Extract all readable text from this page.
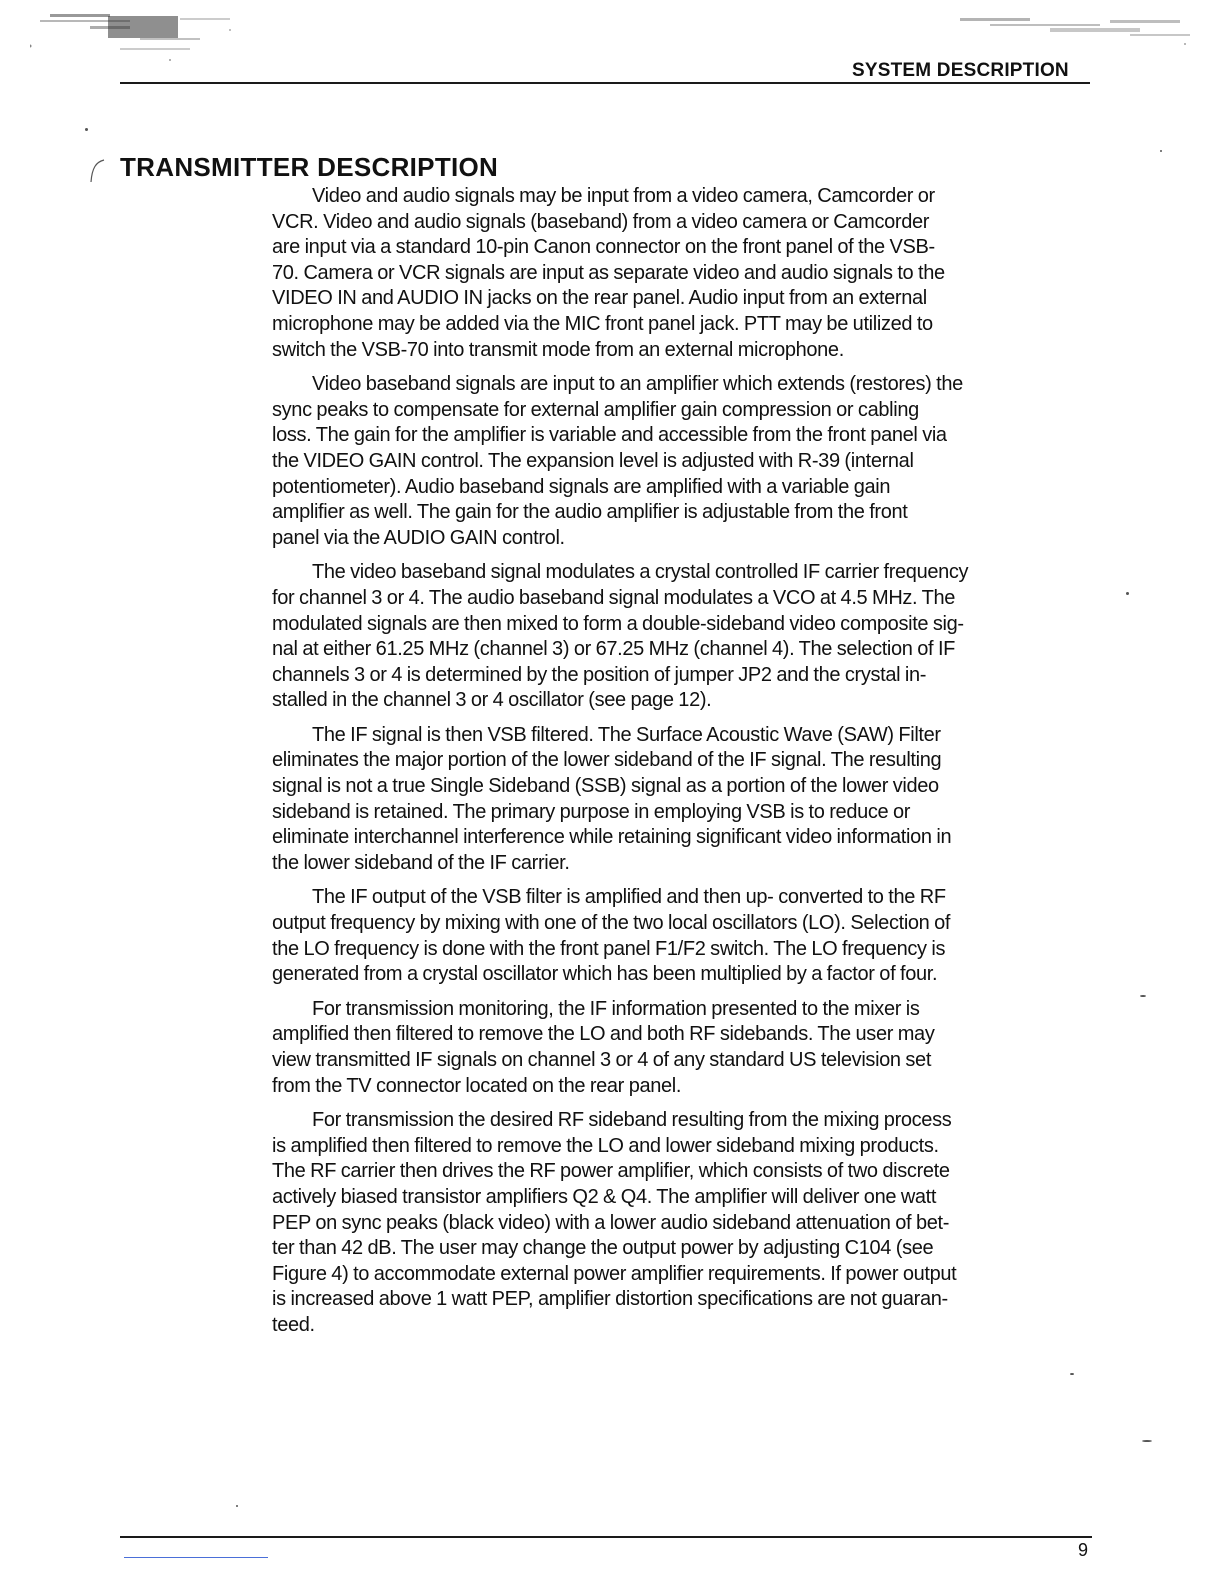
SYSTEM DESCRIPTION
TRANSMITTER DESCRIPTION

Video and audio signals may be input from a video camera, Camcorder or
VCR. Video and audio signals (baseband) from a video camera or Camcorder
are input via a standard 10-pin Canon connector on the front panel of the VSB-
70. Camera or VCR signals are input as separate video and audio signals to the
VIDEO IN and AUDIO IN jacks on the rear panel. Audio input from an external
microphone may be added via the MIC front panel jack. PTT may be utilized to
switch the VSB-70 into transmit mode from an external microphone.

Video baseband signals are input to an amplifier which extends (restores) the
sync peaks to compensate for external amplifier gain compression or cabling
loss. The gain for the amplifier is variable and accessible from the front panel via
the VIDEO GAIN control. The expansion level is adjusted with R-39 (internal
potentiometer). Audio baseband signals are amplified with a variable gain
amplifier as well. The gain for the audio amplifier is adjustable from the front
panel via the AUDIO GAIN control.

The video baseband signal modulates a crystal controlled IF carrier frequency
for channel 3 or 4. The audio baseband signal modulates a VCO at 4.5 MHz. The
modulated signals are then mixed to form a double-sideband video composite sig-
nal at either 61.25 MHz (channel 3) or 67.25 MHz (channel 4). The selection of IF
channels 3 or 4 is determined by the position of jumper JP2 and the crystal in-
stalled in the channel 3 or 4 oscillator (see page 12).

The IF signal is then VSB filtered. The Surface Acoustic Wave (SAW) Filter
eliminates the major portion of the lower sideband of the IF signal. The resulting
signal is not a true Single Sideband (SSB) signal as a portion of the lower video
sideband is retained. The primary purpose in employing VSB is to reduce or
eliminate interchannel interference while retaining significant video information in
the lower sideband of the IF carrier.

The IF output of the VSB filter is amplified and then up- converted to the RF
output frequency by mixing with one of the two local oscillators (LO). Selection of
the LO frequency is done with the front panel F1/F2 switch. The LO frequency is
generated from a crystal oscillator which has been multiplied by a factor of four.

For transmission monitoring, the IF information presented to the mixer is
amplified then filtered to remove the LO and both RF sidebands. The user may
view transmitted IF signals on channel 3 or 4 of any standard US television set
from the TV connector located on the rear panel.

For transmission the desired RF sideband resulting from the mixing process
is amplified then filtered to remove the LO and lower sideband mixing products.
The RF carrier then drives the RF power amplifier, which consists of two discrete
actively biased transistor amplifiers Q2 & Q4. The amplifier will deliver one watt
PEP on sync peaks (black video) with a lower audio sideband attenuation of bet-
ter than 42 dB. The user may change the output power by adjusting C104 (see
Figure 4) to accommodate external power amplifier requirements. If power output
is increased above 1 watt PEP, amplifier distortion specifications are not guaran-
teed.

9
